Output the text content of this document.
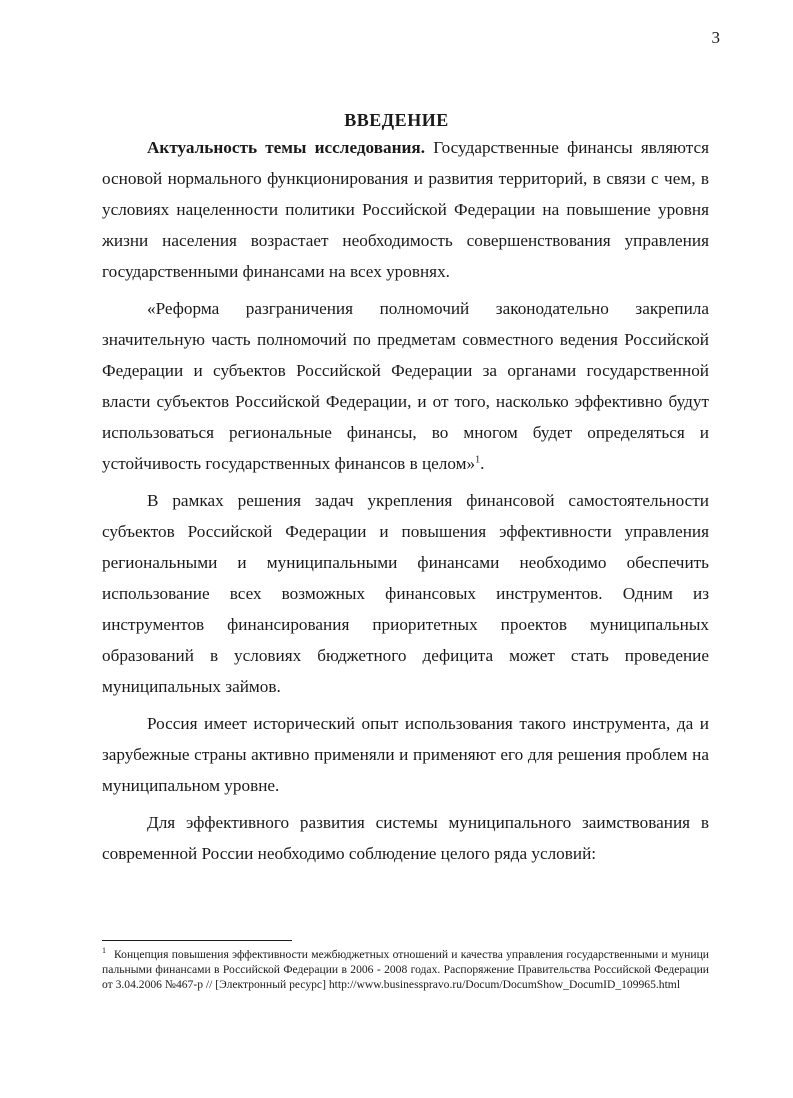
3
ВВЕДЕНИЕ

Актуальность темы исследования. Государственные финансы являются основой нормального функционирования и развития территорий, в связи с чем, в условиях нацеленности политики Российской Федерации на повышение уровня жизни населения возрастает необходимость совершенствования управления государственными финансами на всех уровнях.

«Реформа разграничения полномочий законодательно закрепила значительную часть полномочий по предметам совместного ведения Российской Федерации и субъектов Российской Федерации за органами государственной власти субъектов Российской Федерации, и от того, насколько эффективно будут использоваться региональные финансы, во многом будет определяться и устойчивость государственных финансов в целом»$^1$.

В рамках решения задач укрепления финансовой самостоятельности субъектов Российской Федерации и повышения эффективности управления региональными и муниципальными финансами необходимо обеспечить использование всех возможных финансовых инструментов. Одним из инструментов финансирования приоритетных проектов муниципальных образований в условиях бюджетного дефицита может стать проведение муниципальных займов.

Россия имеет исторический опыт использования такого инструмента, да и зарубежные страны активно применяли и применяют его для решения проблем на муниципальном уровне.

Для эффективного развития системы муниципального заимствования в современной России необходимо соблюдение целого ряда условий:

$^1$ Концепция повышения эффективности межбюджетных отношений и качества управления государственными и муниципальными финансами в Российской Федерации в 2006 - 2008 годах. Распоряжение Правительства Российской Федерации от 3.04.2006 №467-р // [Электронный ресурс] http://www.businesspravo.ru/Docum/DocumShow_DocumID_109965.html
